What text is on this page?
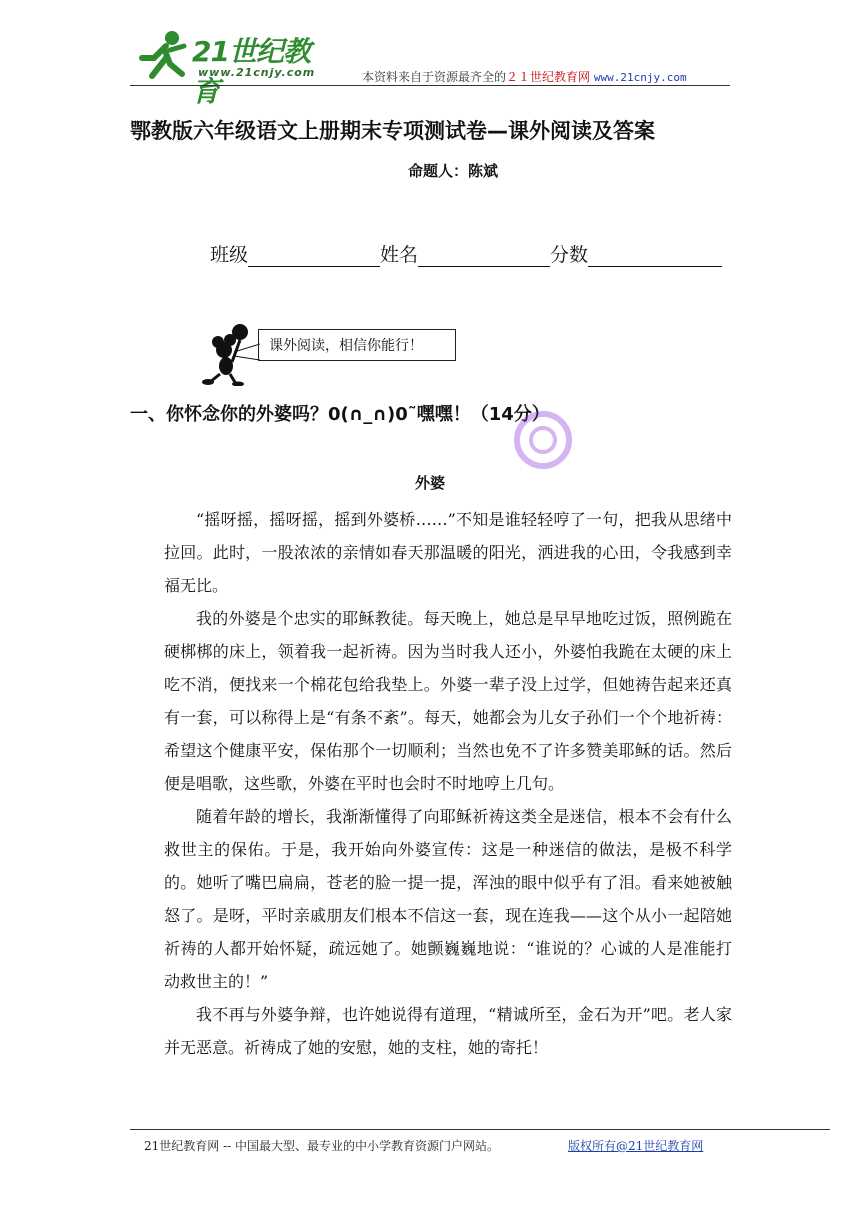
21世纪教育
www.21cnjy.com	本资料来自于资源最齐全的２１世纪教育网 www.21cnjy.com
鄂教版六年级语文上册期末专项测试卷—课外阅读及答案
命题人：陈斌
班级	姓名	分数
课外阅读，相信你能行！
一、你怀念你的外婆吗？0(∩_∩)0˜嘿嘿！（14分）
外婆

“摇呀摇，摇呀摇，摇到外婆桥……”不知是谁轻轻哼了一句，把我从思绪中拉回。此时，一股浓浓的亲情如春天那温暖的阳光，洒进我的心田，令我感到幸福无比。

我的外婆是个忠实的耶稣教徒。每天晚上，她总是早早地吃过饭，照例跪在硬梆梆的床上，领着我一起祈祷。因为当时我人还小，外婆怕我跪在太硬的床上吃不消，便找来一个棉花包给我垫上。外婆一辈子没上过学，但她祷告起来还真有一套，可以称得上是“有条不紊”。每天，她都会为儿女子孙们一个个地祈祷：希望这个健康平安，保佑那个一切顺利；当然也免不了许多赞美耶稣的话。然后便是唱歌，这些歌，外婆在平时也会时不时地哼上几句。

随着年龄的增长，我渐渐懂得了向耶稣祈祷这类全是迷信，根本不会有什么救世主的保佑。于是，我开始向外婆宣传：这是一种迷信的做法，是极不科学的。她听了嘴巴扁扁，苍老的脸一提一提，浑浊的眼中似乎有了泪。看来她被触怒了。是呀，平时亲戚朋友们根本不信这一套，现在连我——这个从小一起陪她祈祷的人都开始怀疑，疏远她了。她颤巍巍地说：“谁说的？心诚的人是准能打动救世主的！”

我不再与外婆争辩，也许她说得有道理，“精诚所至，金石为开”吧。老人家并无恶意。祈祷成了她的安慰，她的支柱，她的寄托！

21世纪教育网 -- 中国最大型、最专业的中小学教育资源门户网站。	版权所有@21世纪教育网
